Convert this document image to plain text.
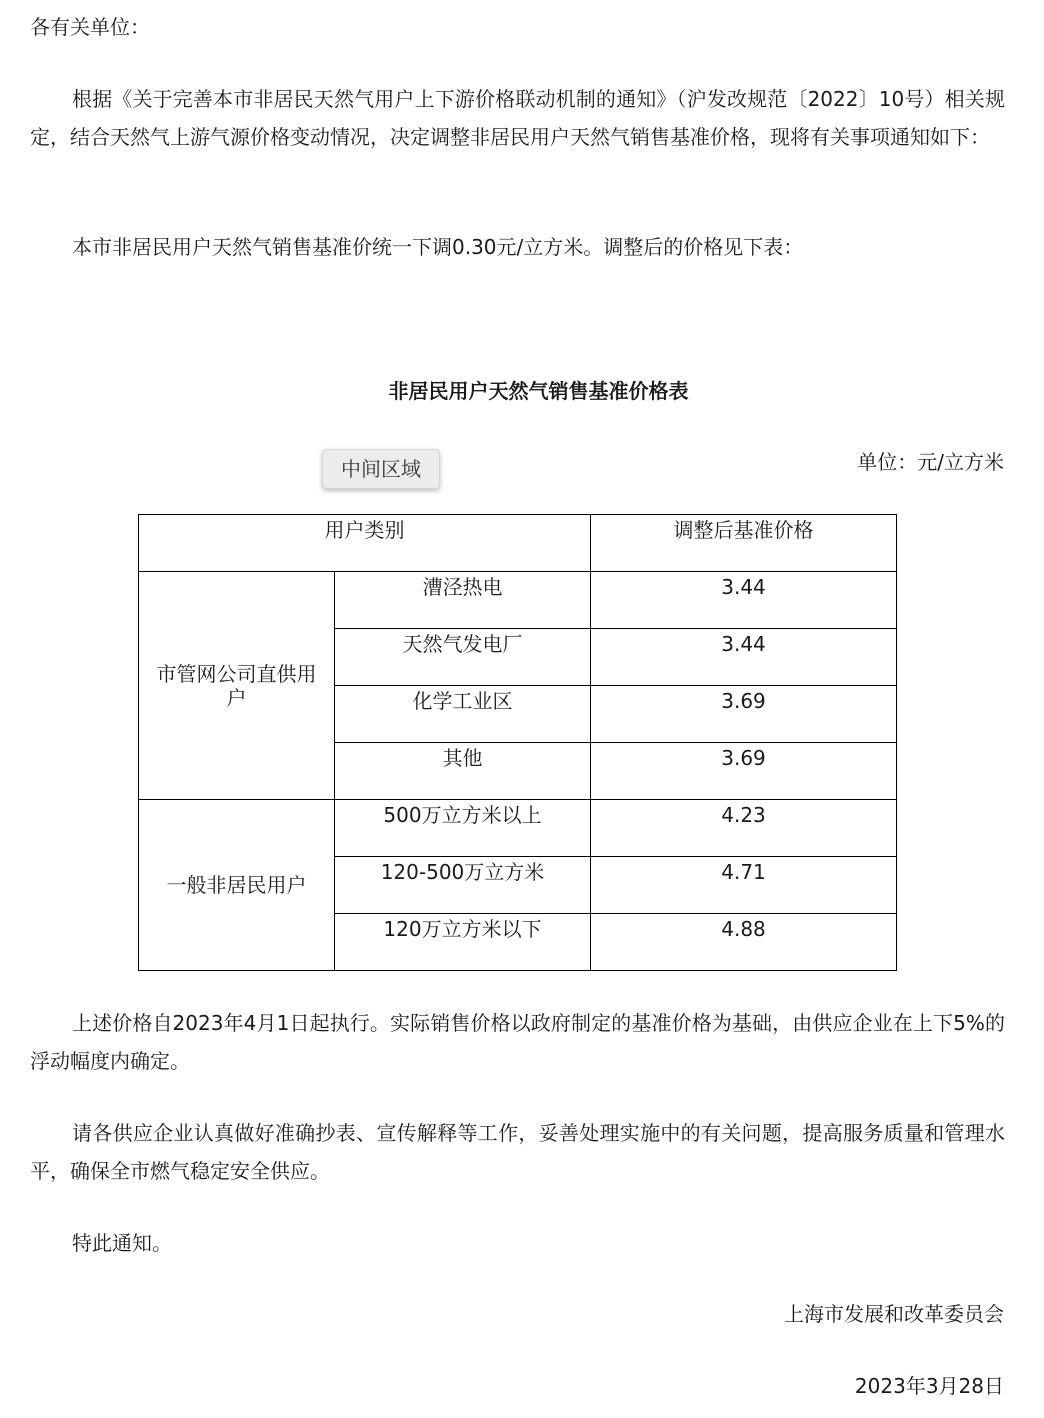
各有关单位：

根据《关于完善本市非居民天然气用户上下游价格联动机制的通知》（沪发改规范〔2022〕10号）相关规定，结合天然气上游气源价格变动情况，决定调整非居民用户天然气销售基准价格，现将有关事项通知如下：

本市非居民用户天然气销售基准价统一下调0.30元/立方米。调整后的价格见下表：

非居民用户天然气销售基准价格表
中间区域	单位：元/立方米
用户类别		调整后基准价格
市管网公司直供用户	漕泾热电	3.44
	天然气发电厂	3.44
	化学工业区	3.69
	其他	3.69
一般非居民用户	500万立方米以上	4.23
	120-500万立方米	4.71
	120万立方米以下	4.88

上述价格自2023年4月1日起执行。实际销售价格以政府制定的基准价格为基础，由供应企业在上下5%的浮动幅度内确定。

请各供应企业认真做好准确抄表、宣传解释等工作，妥善处理实施中的有关问题，提高服务质量和管理水平，确保全市燃气稳定安全供应。

特此通知。

上海市发展和改革委员会
2023年3月28日
